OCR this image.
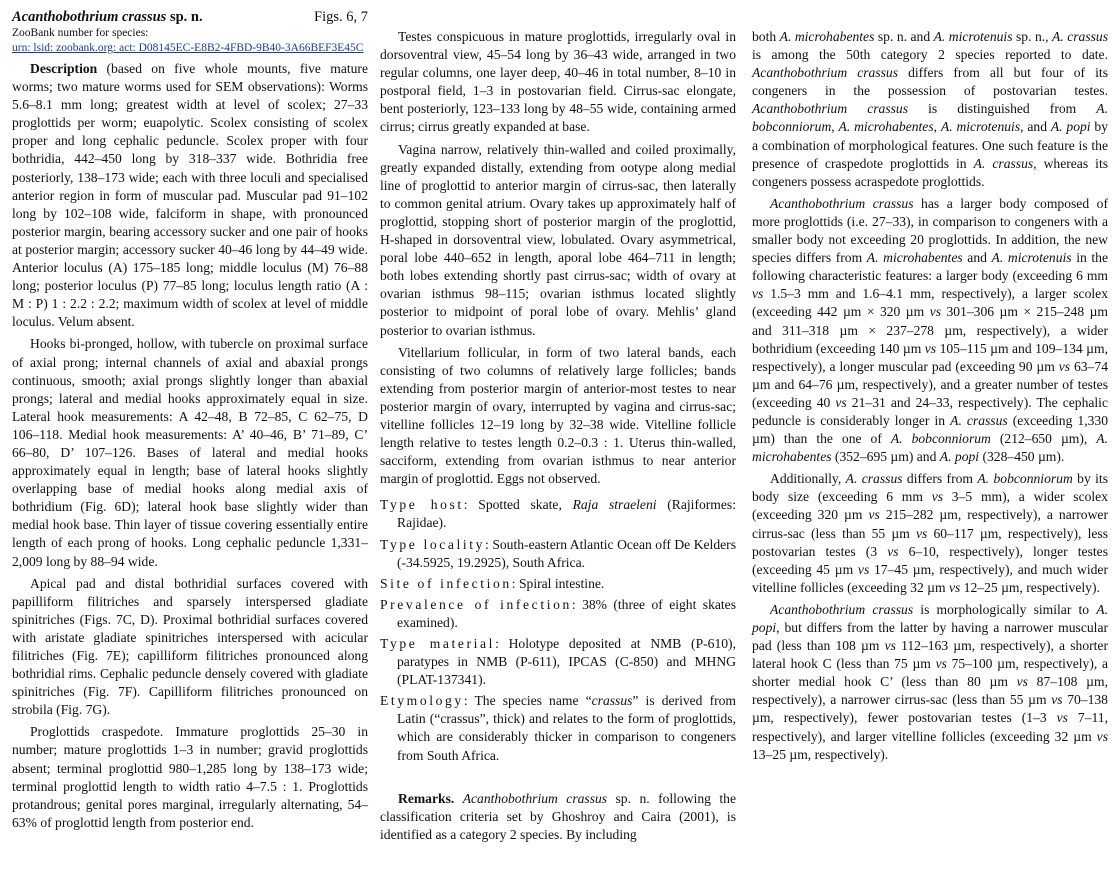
Acanthobothrium crassus sp. n.	Figs. 6, 7
ZooBank number for species:
urn: lsid: zoobank.org: act: D08145EC-E8B2-4FBD-9B40-3A66BEF3E45C

Description (based on five whole mounts, five mature worms; two mature worms used for SEM observations): Worms 5.6–8.1 mm long; greatest width at level of scolex; 27–33 proglottids per worm; euapolytic. Scolex consisting of scolex proper and long cephalic peduncle. Scolex proper with four bothridia, 442–450 long by 318–337 wide. Bothridia free posteriorly, 138–173 wide; each with three loculi and specialised anterior region in form of muscular pad. Muscular pad 91–102 long by 102–108 wide, falciform in shape, with pronounced posterior margin, bearing accessory sucker and one pair of hooks at posterior margin; accessory sucker 40–46 long by 44–49 wide. Anterior loculus (A) 175–185 long; middle loculus (M) 76–88 long; posterior loculus (P) 77–85 long; loculus length ratio (A : M : P) 1 : 2.2 : 2.2; maximum width of scolex at level of middle loculus. Velum absent.

Hooks bi-pronged, hollow, with tubercle on proximal surface of axial prong; internal channels of axial and abaxial prongs continuous, smooth; axial prongs slightly longer than abaxial prongs; lateral and medial hooks approximately equal in size. Lateral hook measurements: A 42–48, B 72–85, C 62–75, D 106–118. Medial hook measurements: A’ 40–46, B’ 71–89, C’ 66–80, D’ 107–126. Bases of lateral and medial hooks approximately equal in length; base of lateral hooks slightly overlapping base of medial hooks along medial axis of bothridium (Fig. 6D); lateral hook base slightly wider than medial hook base. Thin layer of tissue covering essentially entire length of each prong of hooks. Long cephalic peduncle 1,331–2,009 long by 88–94 wide.

Apical pad and distal bothridial surfaces covered with papilliform filitriches and sparsely interspersed gladiate spinitriches (Figs. 7C, D). Proximal bothridial surfaces covered with aristate gladiate spinitriches interspersed with acicular filitriches (Fig. 7E); capilliform filitriches pronounced along bothridial rims. Cephalic peduncle densely covered with gladiate spinitriches (Fig. 7F). Capilliform filitriches pronounced on strobila (Fig. 7G).

Proglottids craspedote. Immature proglottids 25–30 in number; mature proglottids 1–3 in number; gravid proglottids absent; terminal proglottid 980–1,285 long by 138–173 wide; terminal proglottid length to width ratio 4–7.5 : 1. Proglottids protandrous; genital pores marginal, irregularly alternating, 54–63% of proglottid length from posterior end.

Testes conspicuous in mature proglottids, irregularly oval in dorsoventral view, 45–54 long by 36–43 wide, arranged in two regular columns, one layer deep, 40–46 in total number, 8–10 in postporal field, 1–3 in postovarian field. Cirrus-sac elongate, bent posteriorly, 123–133 long by 48–55 wide, containing armed cirrus; cirrus greatly expanded at base.

Vagina narrow, relatively thin-walled and coiled proximally, greatly expanded distally, extending from ootype along medial line of proglottid to anterior margin of cirrus-sac, then laterally to common genital atrium. Ovary takes up approximately half of proglottid, stopping short of posterior margin of the proglottid, H-shaped in dorsoventral view, lobulated. Ovary asymmetrical, poral lobe 440–652 in length, aporal lobe 464–711 in length; both lobes extending shortly past cirrus-sac; width of ovary at ovarian isthmus 98–115; ovarian isthmus located slightly posterior to midpoint of poral lobe of ovary. Mehlis’ gland posterior to ovarian isthmus.

Vitellarium follicular, in form of two lateral bands, each consisting of two columns of relatively large follicles; bands extending from posterior margin of anterior-most testes to near posterior margin of ovary, interrupted by vagina and cirrus-sac; vitelline follicles 12–19 long by 32–38 wide. Vitelline follicle length relative to testes length 0.2–0.3 : 1. Uterus thin-walled, sacciform, extending from ovarian isthmus to near anterior margin of proglottid. Eggs not observed.

Type host: Spotted skate, Raja straeleni (Rajiformes: Rajidae).
Type locality: South-eastern Atlantic Ocean off De Kelders (-34.5925, 19.2925), South Africa.
Site of infection: Spiral intestine.
Prevalence of infection: 38% (three of eight skates examined).
Type material: Holotype deposited at NMB (P-610), paratypes in NMB (P-611), IPCAS (C-850) and MHNG (PLAT-137341).
Etymology: The species name “crassus” is derived from Latin (“crassus”, thick) and relates to the form of proglottids, which are considerably thicker in comparison to congeners from South Africa.

Remarks. Acanthobothrium crassus sp. n. following the classification criteria set by Ghoshroy and Caira (2001), is identified as a category 2 species. By including

both A. microhabentes sp. n. and A. microtenuis sp. n., A. crassus is among the 50th category 2 species reported to date. Acanthobothrium crassus differs from all but four of its congeners in the possession of postovarian testes. Acanthobothrium crassus is distinguished from A. bobconniorum, A. microhabentes, A. microtenuis, and A. popi by a combination of morphological features. One such feature is the presence of craspedote proglottids in A. crassus, whereas its congeners possess acraspedote proglottids.

Acanthobothrium crassus has a larger body composed of more proglottids (i.e. 27–33), in comparison to congeners with a smaller body not exceeding 20 proglottids. In addition, the new species differs from A. microhabentes and A. microtenuis in the following characteristic features: a larger body (exceeding 6 mm vs 1.5–3 mm and 1.6–4.1 mm, respectively), a larger scolex (exceeding 442 µm × 320 µm vs 301–306 µm × 215–248 µm and 311–318 µm × 237–278 µm, respectively), a wider bothridium (exceeding 140 µm vs 105–115 µm and 109–134 µm, respectively), a longer muscular pad (exceeding 90 µm vs 63–74 µm and 64–76 µm, respectively), and a greater number of testes (exceeding 40 vs 21–31 and 24–33, respectively). The cephalic peduncle is considerably longer in A. crassus (exceeding 1,330 µm) than the one of A. bobconniorum (212–650 µm), A. microhabentes (352–695 µm) and A. popi (328–450 µm).

Additionally, A. crassus differs from A. bobconniorum by its body size (exceeding 6 mm vs 3–5 mm), a wider scolex (exceeding 320 µm vs 215–282 µm, respectively), a narrower cirrus-sac (less than 55 µm vs 60–117 µm, respectively), less postovarian testes (3 vs 6–10, respectively), longer testes (exceeding 45 µm vs 17–45 µm, respectively), and much wider vitelline follicles (exceeding 32 µm vs 12–25 µm, respectively).

Acanthobothrium crassus is morphologically similar to A. popi, but differs from the latter by having a narrower muscular pad (less than 108 µm vs 112–163 µm, respectively), a shorter lateral hook C (less than 75 µm vs 75–100 µm, respectively), a shorter medial hook C’ (less than 80 µm vs 87–108 µm, respectively), a narrower cirrus-sac (less than 55 µm vs 70–138 µm, respectively), fewer postovarian testes (1–3 vs 7–11, respectively), and larger vitelline follicles (exceeding 32 µm vs 13–25 µm, respectively).
